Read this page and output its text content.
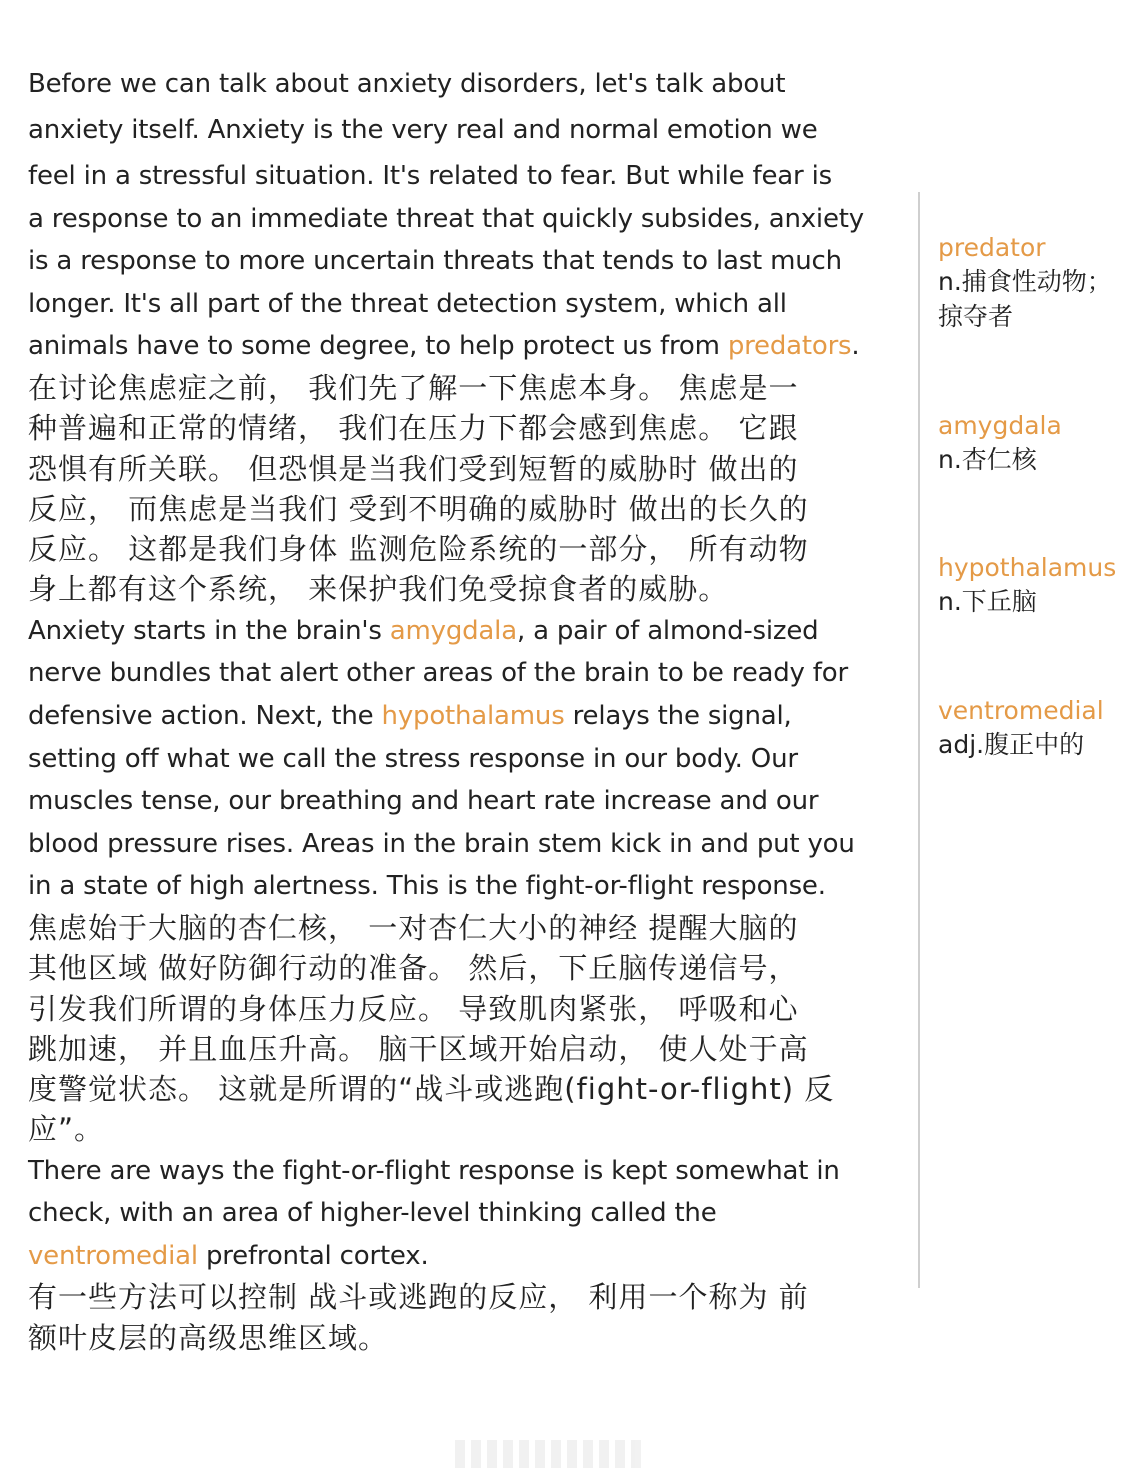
Before we can talk about anxiety disorders, let's talk about
anxiety itself. Anxiety is the very real and normal emotion we
feel in a stressful situation. It's related to fear. But while fear is
a response to an immediate threat that quickly subsides, anxiety
is a response to more uncertain threats that tends to last much
longer. It's all part of the threat detection system, which all
animals have to some degree, to help protect us from predators.
在讨论焦虑症之前， 我们先了解一下焦虑本身。 焦虑是一
种普遍和正常的情绪， 我们在压力下都会感到焦虑。 它跟
恐惧有所关联。 但恐惧是当我们受到短暂的威胁时 做出的
反应， 而焦虑是当我们 受到不明确的威胁时 做出的长久的
反应。 这都是我们身体 监测危险系统的一部分， 所有动物
身上都有这个系统， 来保护我们免受掠食者的威胁。
Anxiety starts in the brain's amygdala, a pair of almond-sized
nerve bundles that alert other areas of the brain to be ready for
defensive action. Next, the hypothalamus relays the signal,
setting off what we call the stress response in our body. Our
muscles tense, our breathing and heart rate increase and our
blood pressure rises. Areas in the brain stem kick in and put you
in a state of high alertness. This is the fight-or-flight response.
焦虑始于大脑的杏仁核， 一对杏仁大小的神经 提醒大脑的
其他区域 做好防御行动的准备。 然后，下丘脑传递信号，
引发我们所谓的身体压力反应。 导致肌肉紧张， 呼吸和心
跳加速， 并且血压升高。 脑干区域开始启动， 使人处于高
度警觉状态。 这就是所谓的“战斗或逃跑(fight-or-flight) 反
应”。
There are ways the fight-or-flight response is kept somewhat in
check, with an area of higher-level thinking called the
ventromedial prefrontal cortex.
有一些方法可以控制 战斗或逃跑的反应， 利用一个称为 前
额叶皮层的高级思维区域。
predator
n.捕食性动物；掠夺者
amygdala
n.杏仁核
hypothalamus
n.下丘脑
ventromedial
adj.腹正中的
